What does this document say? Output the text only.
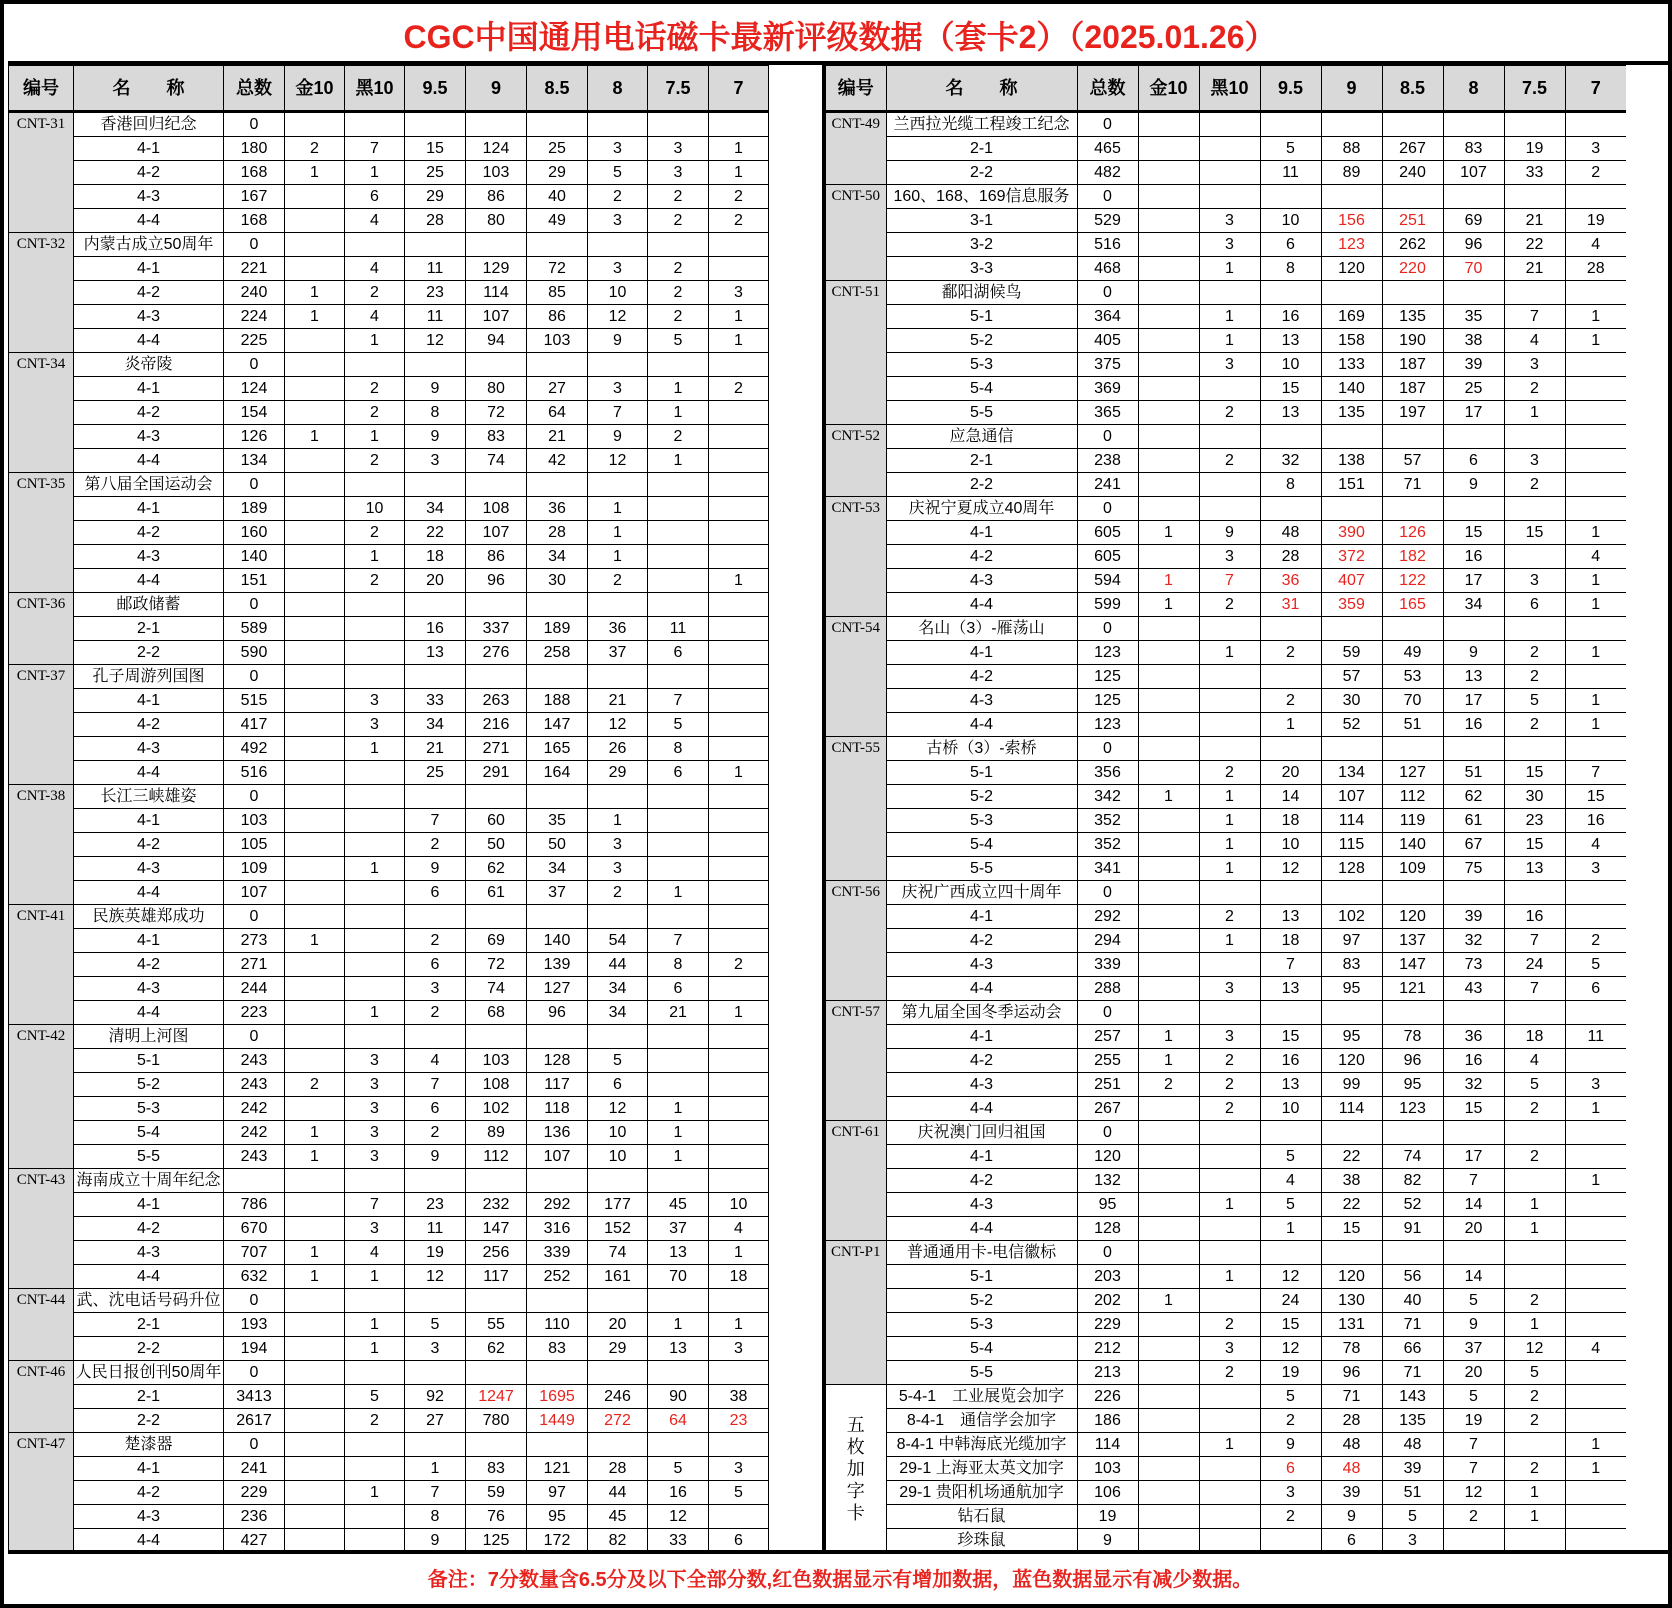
CGC中国通用电话磁卡最新评级数据（套卡2）（2025.01.26）
编号	名　　称	总数	金10	黑10	9.5	9	8.5	8	7.5	7
CNT-31	香港回归纪念	0								
	4-1	180	2	7	15	124	25	3	3	1
	4-2	168	1	1	25	103	29	5	3	1
	4-3	167		6	29	86	40	2	2	2
	4-4	168		4	28	80	49	3	2	2
CNT-32	内蒙古成立50周年	0								
	4-1	221		4	11	129	72	3	2	
	4-2	240	1	2	23	114	85	10	2	3
	4-3	224	1	4	11	107	86	12	2	1
	4-4	225		1	12	94	103	9	5	1
CNT-34	炎帝陵	0								
	4-1	124		2	9	80	27	3	1	2
	4-2	154		2	8	72	64	7	1	
	4-3	126	1	1	9	83	21	9	2	
	4-4	134		2	3	74	42	12	1	
CNT-35	第八届全国运动会	0								
	4-1	189		10	34	108	36	1		
	4-2	160		2	22	107	28	1		
	4-3	140		1	18	86	34	1		
	4-4	151		2	20	96	30	2		1
CNT-36	邮政储蓄	0								
	2-1	589			16	337	189	36	11	
	2-2	590			13	276	258	37	6	
CNT-37	孔子周游列国图	0								
	4-1	515		3	33	263	188	21	7	
	4-2	417		3	34	216	147	12	5	
	4-3	492		1	21	271	165	26	8	
	4-4	516			25	291	164	29	6	1
CNT-38	长江三峡雄姿	0								
	4-1	103			7	60	35	1		
	4-2	105			2	50	50	3		
	4-3	109		1	9	62	34	3		
	4-4	107			6	61	37	2	1	
CNT-41	民族英雄郑成功	0								
	4-1	273	1		2	69	140	54	7	
	4-2	271			6	72	139	44	8	2
	4-3	244			3	74	127	34	6	
	4-4	223		1	2	68	96	34	21	1
CNT-42	清明上河图	0								
	5-1	243		3	4	103	128	5		
	5-2	243	2	3	7	108	117	6		
	5-3	242		3	6	102	118	12	1	
	5-4	242	1	3	2	89	136	10	1	
	5-5	243	1	3	9	112	107	10	1	
CNT-43	海南成立十周年纪念									
	4-1	786		7	23	232	292	177	45	10
	4-2	670		3	11	147	316	152	37	4
	4-3	707	1	4	19	256	339	74	13	1
	4-4	632	1	1	12	117	252	161	70	18
CNT-44	武、沈电话号码升位	0								
	2-1	193		1	5	55	110	20	1	1
	2-2	194		1	3	62	83	29	13	3
CNT-46	人民日报创刊50周年	0								
	2-1	3413		5	92	1247	1695	246	90	38
	2-2	2617		2	27	780	1449	272	64	23
CNT-47	楚漆器	0								
	4-1	241			1	83	121	28	5	3
	4-2	229		1	7	59	97	44	16	5
	4-3	236			8	76	95	45	12	
	4-4	427			9	125	172	82	33	6
编号	名　　称	总数	金10	黑10	9.5	9	8.5	8	7.5	7
CNT-49	兰西拉光缆工程竣工纪念	0								
	2-1	465			5	88	267	83	19	3
	2-2	482			11	89	240	107	33	2
CNT-50	160、168、169信息服务	0								
	3-1	529		3	10	156	251	69	21	19
	3-2	516		3	6	123	262	96	22	4
	3-3	468		1	8	120	220	70	21	28
CNT-51	鄱阳湖候鸟	0								
	5-1	364		1	16	169	135	35	7	1
	5-2	405		1	13	158	190	38	4	1
	5-3	375		3	10	133	187	39	3	
	5-4	369			15	140	187	25	2	
	5-5	365		2	13	135	197	17	1	
CNT-52	应急通信	0								
	2-1	238		2	32	138	57	6	3	
	2-2	241			8	151	71	9	2	
CNT-53	庆祝宁夏成立40周年	0								
	4-1	605	1	9	48	390	126	15	15	1
	4-2	605		3	28	372	182	16		4
	4-3	594	1	7	36	407	122	17	3	1
	4-4	599	1	2	31	359	165	34	6	1
CNT-54	名山（3）-雁荡山	0								
	4-1	123		1	2	59	49	9	2	1
	4-2	125				57	53	13	2	
	4-3	125			2	30	70	17	5	1
	4-4	123			1	52	51	16	2	1
CNT-55	古桥（3）-索桥	0								
	5-1	356		2	20	134	127	51	15	7
	5-2	342	1	1	14	107	112	62	30	15
	5-3	352		1	18	114	119	61	23	16
	5-4	352		1	10	115	140	67	15	4
	5-5	341		1	12	128	109	75	13	3
CNT-56	庆祝广西成立四十周年	0								
	4-1	292		2	13	102	120	39	16	
	4-2	294		1	18	97	137	32	7	2
	4-3	339			7	83	147	73	24	5
	4-4	288		3	13	95	121	43	7	6
CNT-57	第九届全国冬季运动会	0								
	4-1	257	1	3	15	95	78	36	18	11
	4-2	255	1	2	16	120	96	16	4	
	4-3	251	2	2	13	99	95	32	5	3
	4-4	267		2	10	114	123	15	2	1
CNT-61	庆祝澳门回归祖国	0								
	4-1	120			5	22	74	17	2	
	4-2	132			4	38	82	7		1
	4-3	95		1	5	22	52	14	1	
	4-4	128			1	15	91	20	1	
CNT-P1	普通通用卡-电信徽标	0								
	5-1	203		1	12	120	56	14		
	5-2	202	1		24	130	40	5	2	
	5-3	229		2	15	131	71	9	1	
	5-4	212		3	12	78	66	37	12	4
	5-5	213		2	19	96	71	20	5	

五枚加字卡	5-4-1　工业展览会加字	226			5	71	143	5	2	
	8-4-1　通信学会加字	186			2	28	135	19	2	
	8-4-1 中韩海底光缆加字	114		1	9	48	48	7		1
	29-1 上海亚太英文加字	103			6	48	39	7	2	1
	29-1 贵阳机场通航加字	106			3	39	51	12	1	
	钻石鼠	19			2	9	5	2	1	
	珍珠鼠	9				6	3			
备注：7分数量含6.5分及以下全部分数,红色数据显示有增加数据，蓝色数据显示有减少数据。
